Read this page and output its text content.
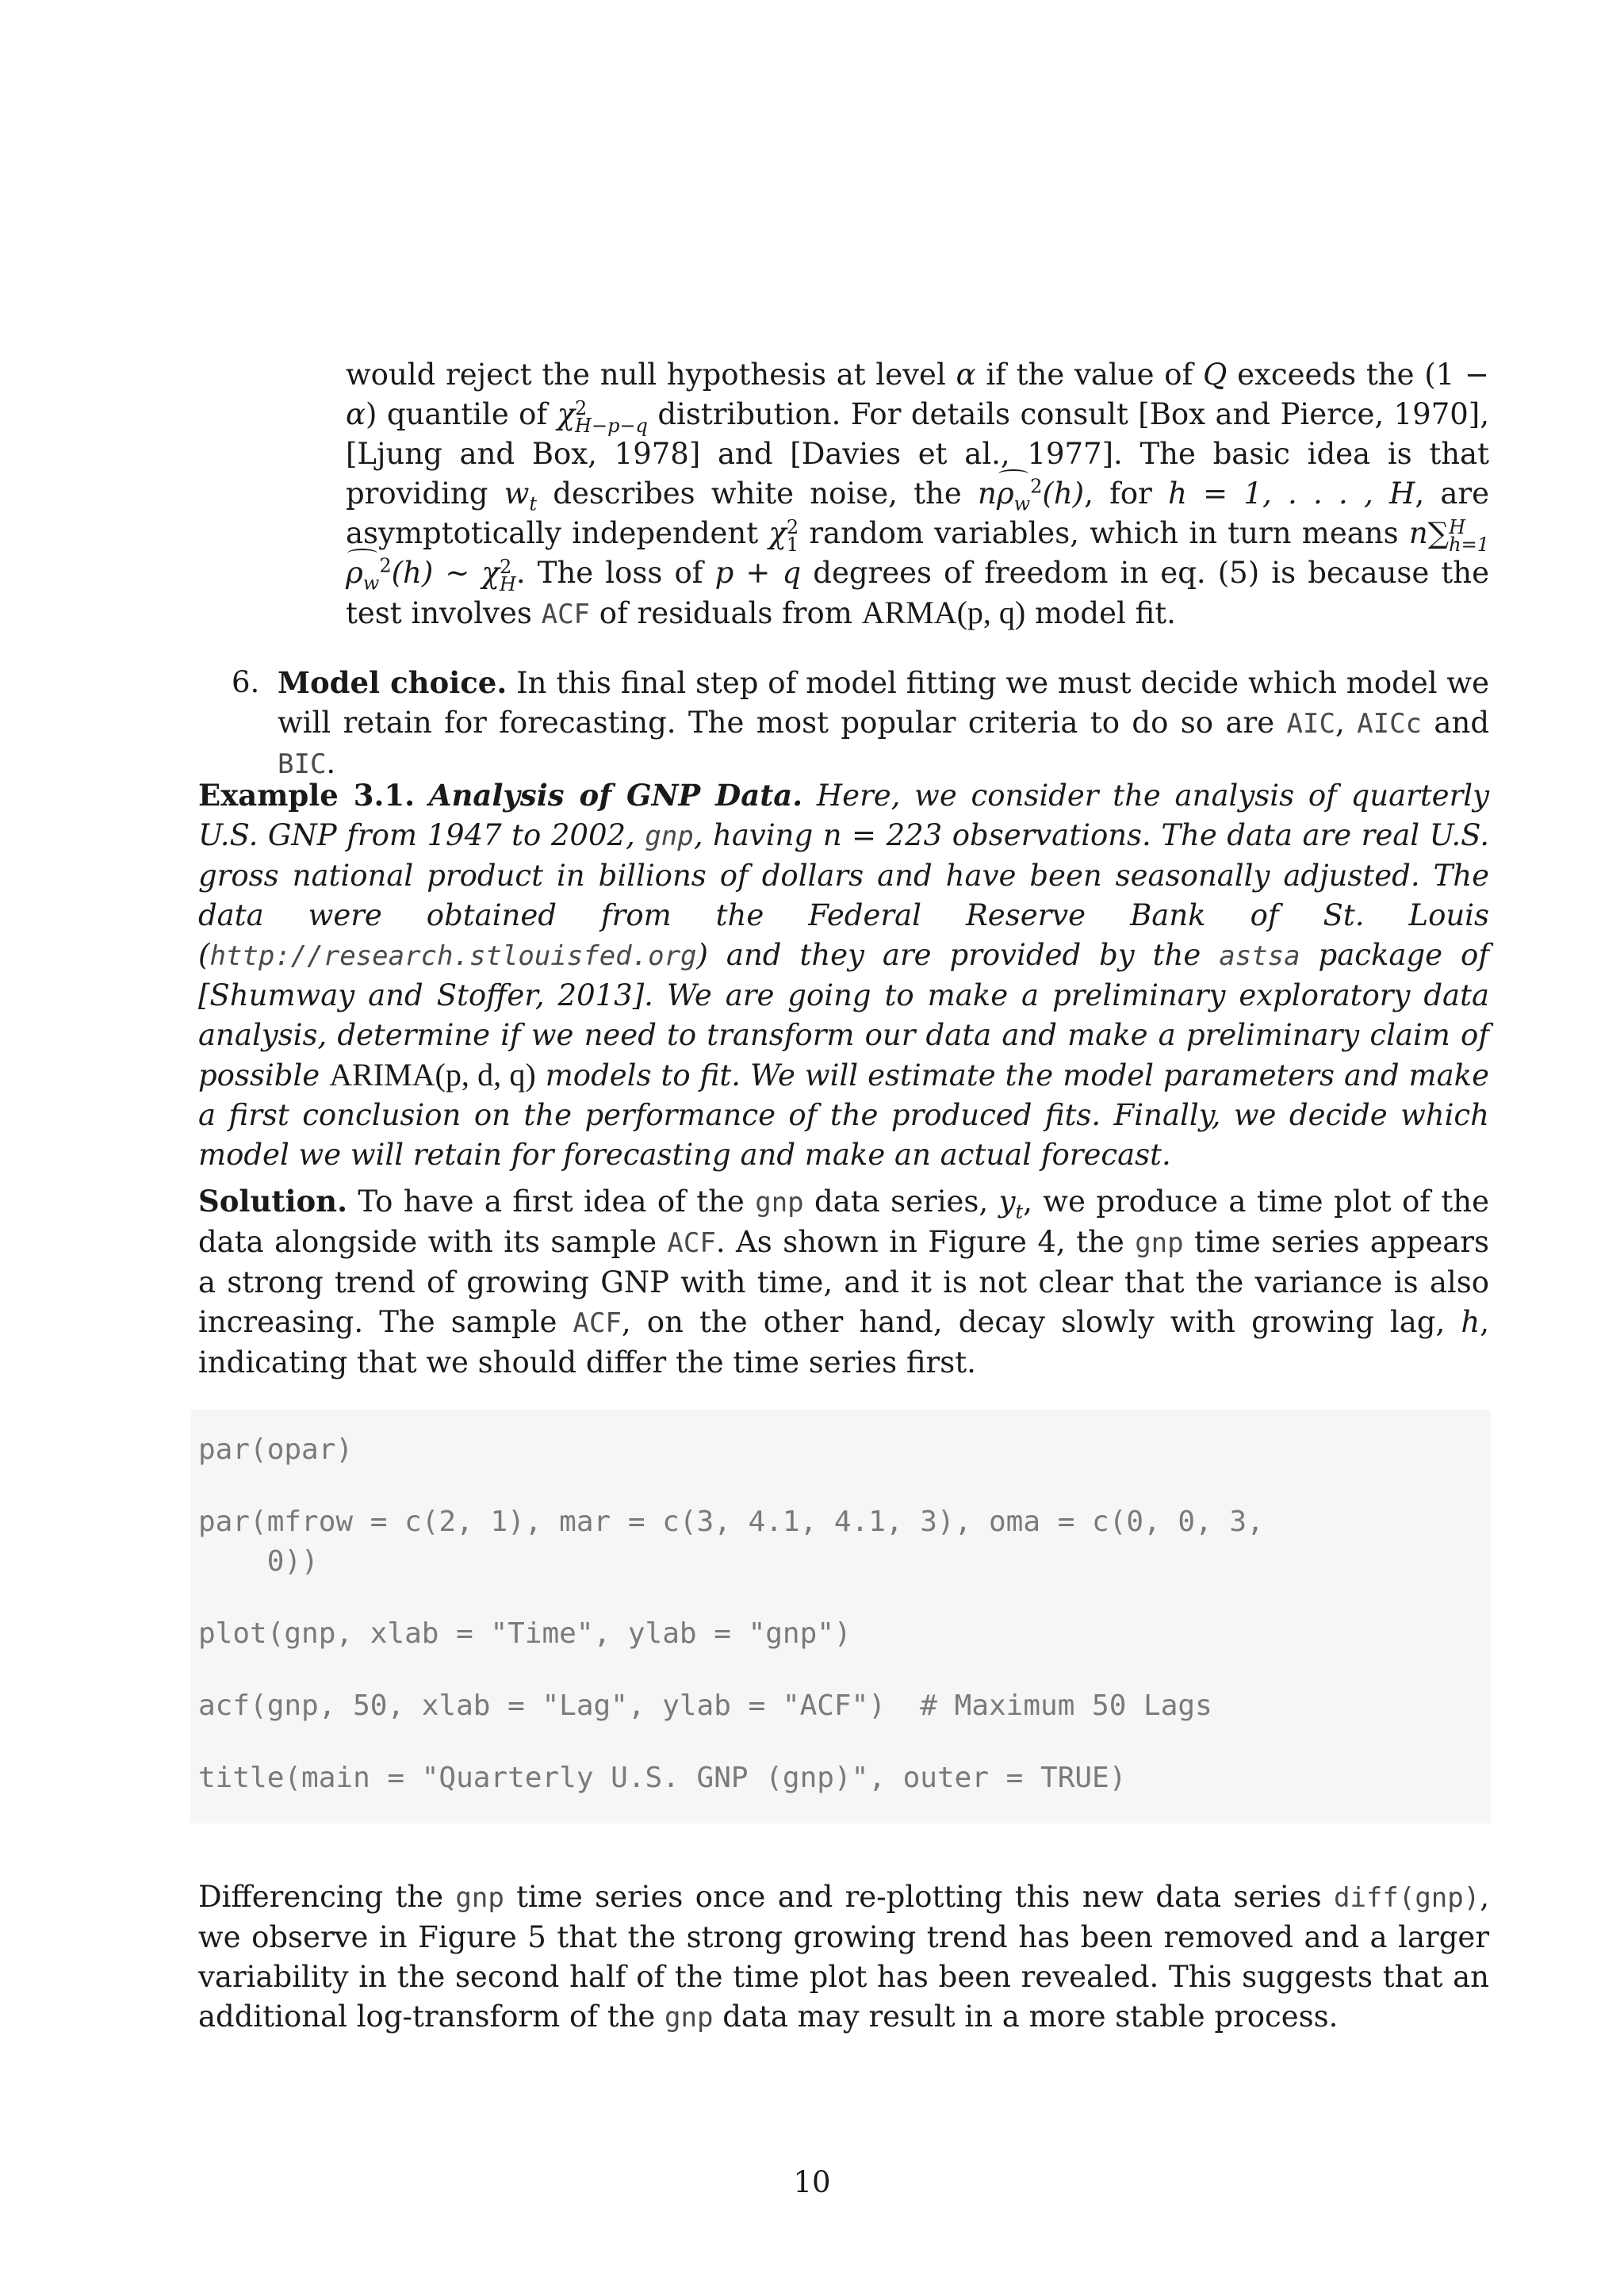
would reject the null hypothesis at level α if the value of Q exceeds the (1 − α) quantile of χ 2
H−p−q distribution. For details consult [Box and Pierce, 1970], [Ljung and Box, 1978] and [Davies et al., 1977]. The basic idea is that providing $w_t$ describes white noise, the $n\rho_w^2(h)$, for h = 1, . . . , H, are asymptotically independent χ 2
1 random variables, which in turn means n∑ H
h=1
$\rho_w^2(h)$ ∼ χ 2
H . The loss of p + q degrees of freedom in eq. (5) is because the test involves ACF of residuals from ARMA(p, q) model fit.

6. Model choice. In this final step of model fitting we must decide which model we will retain for forecasting. The most popular criteria to do so are AIC, AICc and BIC.

Example 3.1. Analysis of GNP Data. Here, we consider the analysis of quarterly U.S. GNP from 1947 to 2002, gnp, having n = 223 observations. The data are real U.S. gross national product in billions of dollars and have been seasonally adjusted. The data were obtained from the Federal Reserve Bank of St. Louis (http://research.stlouisfed.org) and they are provided by the astsa package of [Shumway and Stoffer, 2013]. We are going to make a preliminary exploratory data analysis, determine if we need to transform our data and make a preliminary claim of possible ARIMA(p, d, q) models to fit. We will estimate the model parameters and make a first conclusion on the performance of the produced fits. Finally, we decide which model we will retain for forecasting and make an actual forecast.

Solution. To have a first idea of the gnp data series, $y_t$, we produce a time plot of the data alongside with its sample ACF. As shown in Figure 4, the gnp time series appears a strong trend of growing GNP with time, and it is not clear that the variance is also increasing. The sample ACF, on the other hand, decay slowly with growing lag, h, indicating that we should differ the time series first.

par(opar)
par(mfrow = c(2, 1), mar = c(3, 4.1, 4.1, 3), oma = c(0, 0, 3,
0))
plot(gnp, xlab = "Time", ylab = "gnp")
acf(gnp, 50, xlab = "Lag", ylab = "ACF")  # Maximum 50 Lags
title(main = "Quarterly U.S. GNP (gnp)", outer = TRUE)

Differencing the gnp time series once and re-plotting this new data series diff(gnp), we observe in Figure 5 that the strong growing trend has been removed and a larger variability in the second half of the time plot has been revealed. This suggests that an additional log-transform of the gnp data may result in a more stable process.

10
